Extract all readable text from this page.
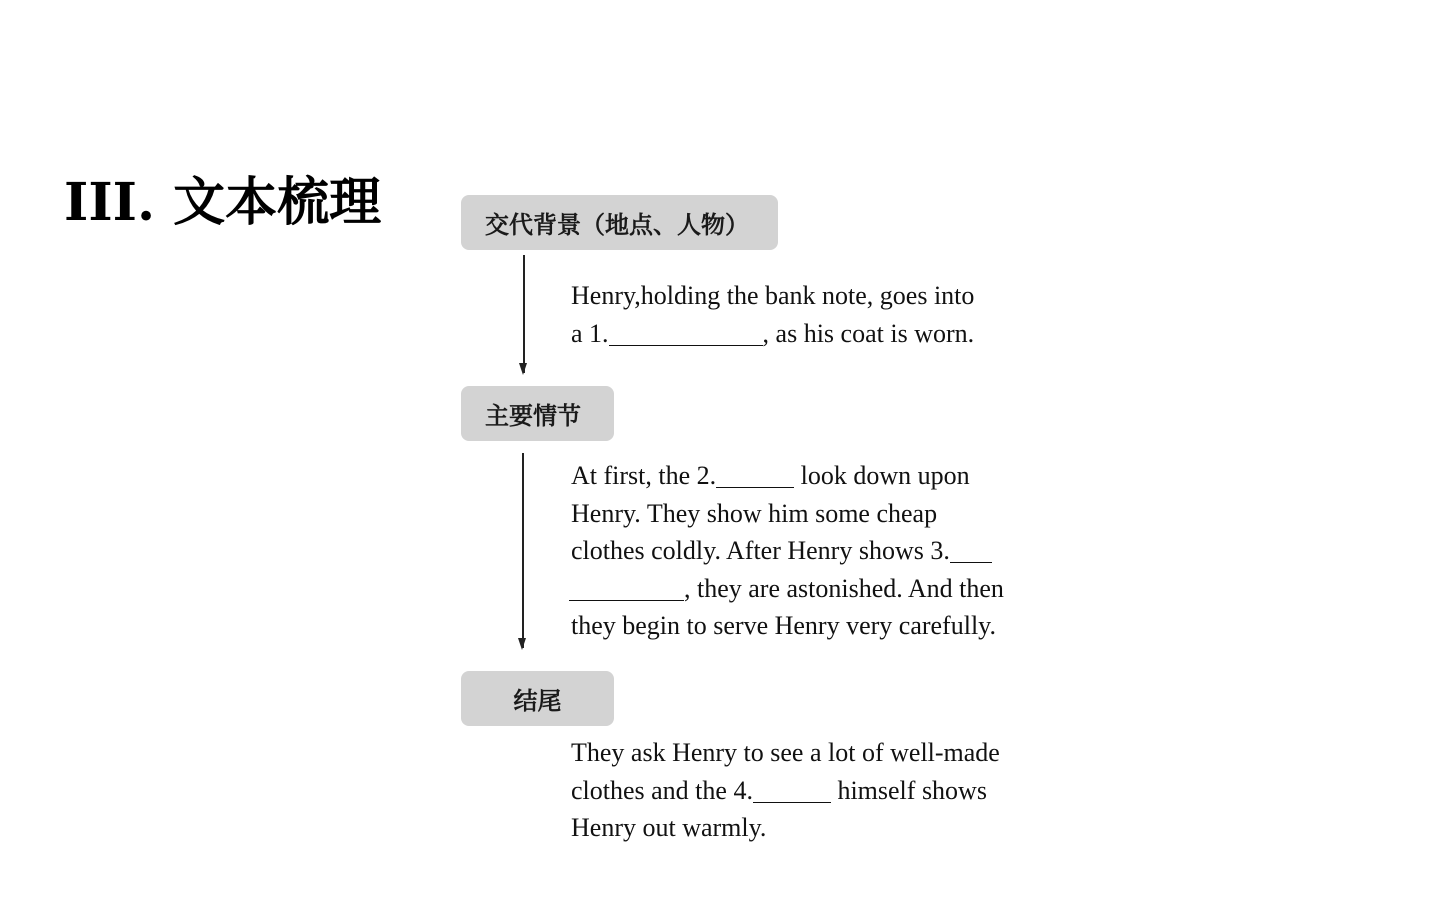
III. 文本梳理	交代背景（地点、人物）
Henry,holding the bank note, goes into
a 1.	, as his coat is worn.
主要情节
At first, the 2.	look down upon
Henry. They show him some cheap
clothes coldly. After Henry shows 3.
, they are astonished. And then
they begin to serve Henry very carefully.
结尾
They ask Henry to see a lot of well-made
clothes and the 4.	himself shows
Henry out warmly.
